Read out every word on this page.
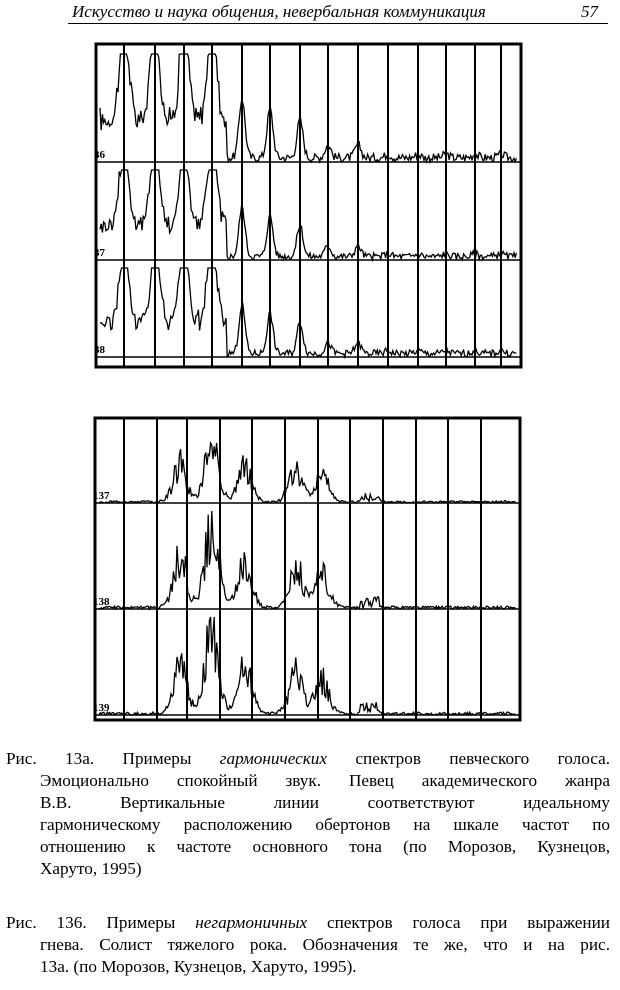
Искусство и наука общения, невербальная коммуникация	57
36
37
38
137
138
139
Рис. 13а. Примеры гармонических спектров певческого голоса.
Эмоционально спокойный звук. Певец академического жанра
В.В. Вертикальные линии соответствуют идеальному
гармоническому расположению обертонов на шкале частот по
отношению к частоте основного тона (по Морозов, Кузнецов,
Харуто, 1995)
Рис. 136. Примеры негармоничных спектров голоса при выражении
гнева. Солист тяжелого рока. Обозначения те же, что и на рис.
13а. (по Морозов, Кузнецов, Харуто, 1995).
